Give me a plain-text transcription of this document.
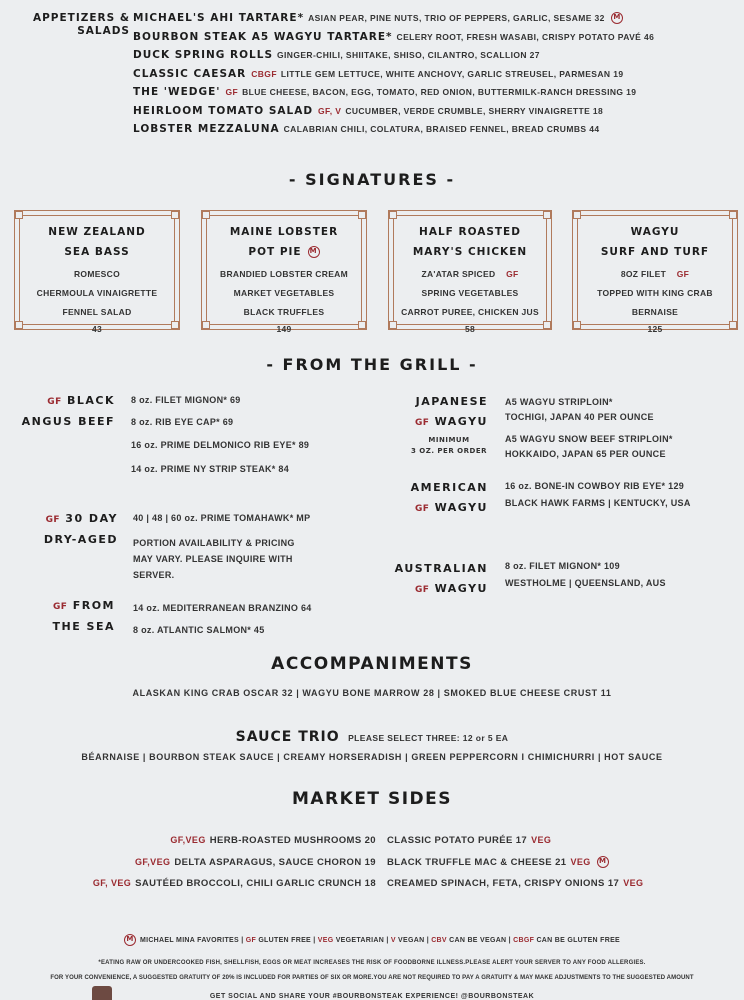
APPETIZERS &
SALADS
MICHAEL'S AHI TARTARE* ASIAN PEAR, PINE NUTS, TRIO OF PEPPERS, GARLIC, SESAME 32 M
BOURBON STEAK A5 WAGYU TARTARE* CELERY ROOT, FRESH WASABI, CRISPY POTATO PAVÉ 46
DUCK SPRING ROLLS GINGER-CHILI, SHIITAKE, SHISO, CILANTRO, SCALLION 27
CLASSIC CAESAR CBGF LITTLE GEM LETTUCE, WHITE ANCHOVY, GARLIC STREUSEL, PARMESAN 19
THE 'WEDGE' GF BLUE CHEESE, BACON, EGG, TOMATO, RED ONION, BUTTERMILK-RANCH DRESSING 19
HEIRLOOM TOMATO SALAD GF, V CUCUMBER, VERDE CRUMBLE, SHERRY VINAIGRETTE 18
LOBSTER MEZZALUNA CALABRIAN CHILI, COLATURA, BRAISED FENNEL, BREAD CRUMBS 44
- SIGNATURES -
NEW ZEALAND
SEA BASS
ROMESCO
CHERMOULA VINAIGRETTE
FENNEL SALAD
43
MAINE LOBSTER
POT PIE M
BRANDIED LOBSTER CREAM
MARKET VEGETABLES
BLACK TRUFFLES
149
HALF ROASTED
MARY'S CHICKEN
ZA'ATAR SPICED GF
SPRING VEGETABLES
CARROT PUREE, CHICKEN JUS
58
WAGYU
SURF AND TURF
8OZ FILET GF
TOPPED WITH KING CRAB
BERNAISE
125
- FROM THE GRILL -
GF BLACK
ANGUS BEEF
8 oz. FILET MIGNON* 69
8 oz. RIB EYE CAP* 69
16 oz. PRIME DELMONICO RIB EYE* 89
14 oz. PRIME NY STRIP STEAK* 84
GF 30 DAY
DRY-AGED
40 | 48 | 60 oz. PRIME TOMAHAWK* MP
PORTION AVAILABILITY & PRICING
MAY VARY. PLEASE INQUIRE WITH
SERVER.
GF FROM
THE SEA
14 oz. MEDITERRANEAN BRANZINO 64
8 oz. ATLANTIC SALMON* 45
JAPANESE
GF WAGYU
MINIMUM
3 OZ. PER ORDER
A5 WAGYU STRIPLOIN*
TOCHIGI, JAPAN 40 PER OUNCE
A5 WAGYU SNOW BEEF STRIPLOIN*
HOKKAIDO, JAPAN 65 PER OUNCE
AMERICAN
GF WAGYU
16 oz. BONE-IN COWBOY RIB EYE* 129
BLACK HAWK FARMS | KENTUCKY, USA
AUSTRALIAN
GF WAGYU
8 oz. FILET MIGNON* 109
WESTHOLME | QUEENSLAND, AUS
ACCOMPANIMENTS
ALASKAN KING CRAB OSCAR 32 | WAGYU BONE MARROW 28 | SMOKED BLUE CHEESE CRUST 11
SAUCE TRIO PLEASE SELECT THREE: 12 or 5 EA
BÉARNAISE | BOURBON STEAK SAUCE | CREAMY HORSERADISH | GREEN PEPPERCORN I CHIMICHURRI | HOT SAUCE
MARKET SIDES
GF,VEG HERB-ROASTED MUSHROOMS 20
GF,VEG DELTA ASPARAGUS, SAUCE CHORON 19
GF, VEG SAUTÉED BROCCOLI, CHILI GARLIC CRUNCH 18
CLASSIC POTATO PURÉE 17 VEG
BLACK TRUFFLE MAC & CHEESE 21 VEG M
CREAMED SPINACH, FETA, CRISPY ONIONS 17 VEG
M MICHAEL MINA FAVORITES | GF GLUTEN FREE | VEG VEGETARIAN | V VEGAN | CBV CAN BE VEGAN | CBGF CAN BE GLUTEN FREE
*EATING RAW OR UNDERCOOKED FISH, SHELLFISH, EGGS OR MEAT INCREASES THE RISK OF FOODBORNE ILLNESS.PLEASE ALERT YOUR SERVER TO ANY FOOD ALLERGIES.
FOR YOUR CONVENIENCE, A SUGGESTED GRATUITY OF 20% IS INCLUDED FOR PARTIES OF SIX OR MORE.YOU ARE NOT REQUIRED TO PAY A GRATUITY & MAY MAKE ADJUSTMENTS TO THE SUGGESTED AMOUNT
GET SOCIAL AND SHARE YOUR #BOURBONSTEAK EXPERIENCE! @BOURBONSTEAK
